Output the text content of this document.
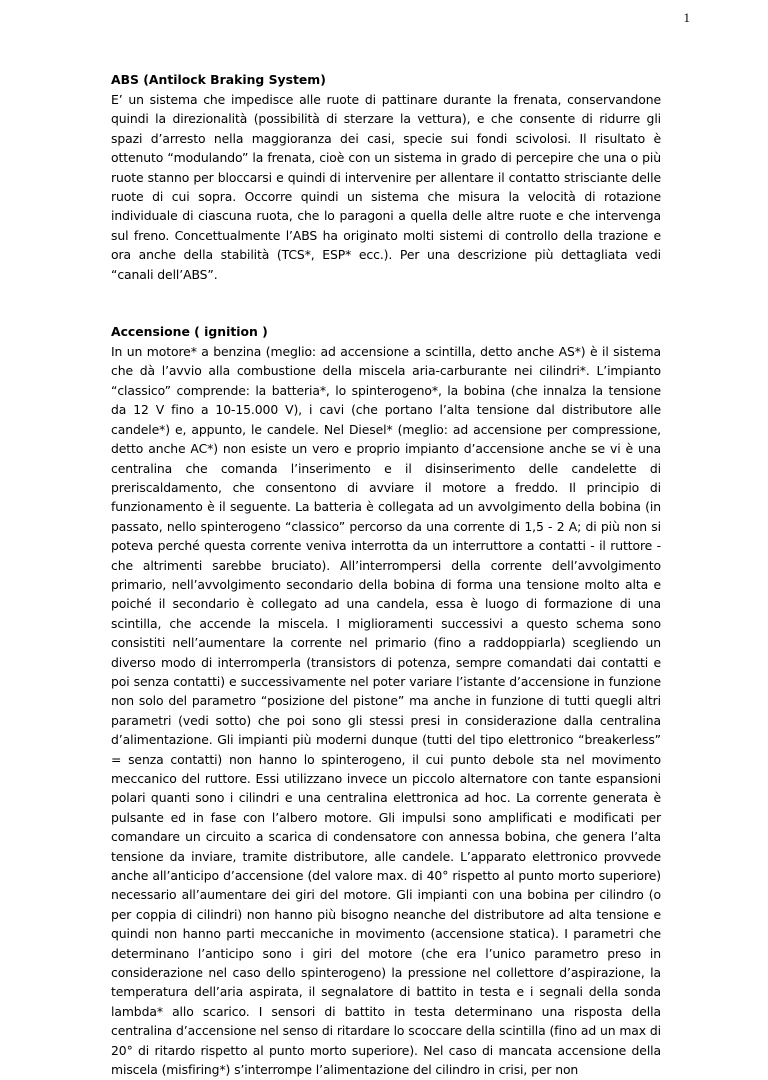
1
ABS (Antilock Braking System)

E’ un sistema che impedisce alle ruote di pattinare durante la frenata, conservandone quindi la direzionalità (possibilità di sterzare la vettura), e che consente di ridurre gli spazi d’arresto nella maggioranza dei casi, specie sui fondi scivolosi. Il risultato è ottenuto “modulando” la frenata, cioè con un sistema in grado di percepire che una o più ruote stanno per bloccarsi e quindi di intervenire per allentare il contatto strisciante delle ruote di cui sopra. Occorre quindi un sistema che misura la velocità di rotazione individuale di ciascuna ruota, che lo paragoni a quella delle altre ruote e che intervenga sul freno. Concettualmente l’ABS ha originato molti sistemi di controllo della trazione e ora anche della stabilità (TCS*, ESP* ecc.). Per una descrizione più dettagliata vedi “canali dell’ABS”.

Accensione ( ignition )

In un motore* a benzina (meglio: ad accensione a scintilla, detto anche AS*) è il sistema che dà l’avvio alla combustione della miscela aria-carburante nei cilindri*. L’impianto “classico” comprende: la batteria*, lo spinterogeno*, la bobina (che innalza la tensione da 12 V fino a 10-15.000 V), i cavi (che portano l’alta tensione dal distributore alle candele*) e, appunto, le candele. Nel Diesel* (meglio: ad accensione per compressione, detto anche AC*) non esiste un vero e proprio impianto d’accensione anche se vi è una centralina che comanda l’inserimento e il disinserimento delle candelette di preriscaldamento, che consentono di avviare il motore a freddo. Il principio di funzionamento è il seguente. La batteria è collegata ad un avvolgimento della bobina (in passato, nello spinterogeno “classico” percorso da una corrente di 1,5 - 2 A; di più non si poteva perché questa corrente veniva interrotta da un interruttore a contatti - il ruttore - che altrimenti sarebbe bruciato). All’interrompersi della corrente dell’avvolgimento primario, nell’avvolgimento secondario della bobina di forma una tensione molto alta e poiché il secondario è collegato ad una candela, essa è luogo di formazione di una scintilla, che accende la miscela. I miglioramenti successivi a questo schema sono consistiti nell’aumentare la corrente nel primario (fino a raddoppiarla) scegliendo un diverso modo di interromperla (transistors di potenza, sempre comandati dai contatti e poi senza contatti) e successivamente nel poter variare l’istante d’accensione in funzione non solo del parametro “posizione del pistone” ma anche in funzione di tutti quegli altri parametri (vedi sotto) che poi sono gli stessi presi in considerazione dalla centralina d’alimentazione. Gli impianti più moderni dunque (tutti del tipo elettronico “breakerless” = senza contatti) non hanno lo spinterogeno, il cui punto debole sta nel movimento meccanico del ruttore. Essi utilizzano invece un piccolo alternatore con tante espansioni polari quanti sono i cilindri e una centralina elettronica ad hoc. La corrente generata è pulsante ed in fase con l’albero motore. Gli impulsi sono amplificati e modificati per comandare un circuito a scarica di condensatore con annessa bobina, che genera l’alta tensione da inviare, tramite distributore, alle candele. L’apparato elettronico provvede anche all’anticipo d’accensione (del valore max. di 40° rispetto al punto morto superiore) necessario all’aumentare dei giri del motore. Gli impianti con una bobina per cilindro (o per coppia di cilindri) non hanno più bisogno neanche del distributore ad alta tensione e quindi non hanno parti meccaniche in movimento (accensione statica). I parametri che determinano l’anticipo sono i giri del motore (che era l’unico parametro preso in considerazione nel caso dello spinterogeno) la pressione nel collettore d’aspirazione, la temperatura dell’aria aspirata, il segnalatore di battito in testa e i segnali della sonda lambda* allo scarico. I sensori di battito in testa determinano una risposta della centralina d’accensione nel senso di ritardare lo scoccare della scintilla (fino ad un max di 20° di ritardo rispetto al punto morto superiore). Nel caso di mancata accensione della miscela (misfiring*) s’interrompe l’alimentazione del cilindro in crisi, per non
